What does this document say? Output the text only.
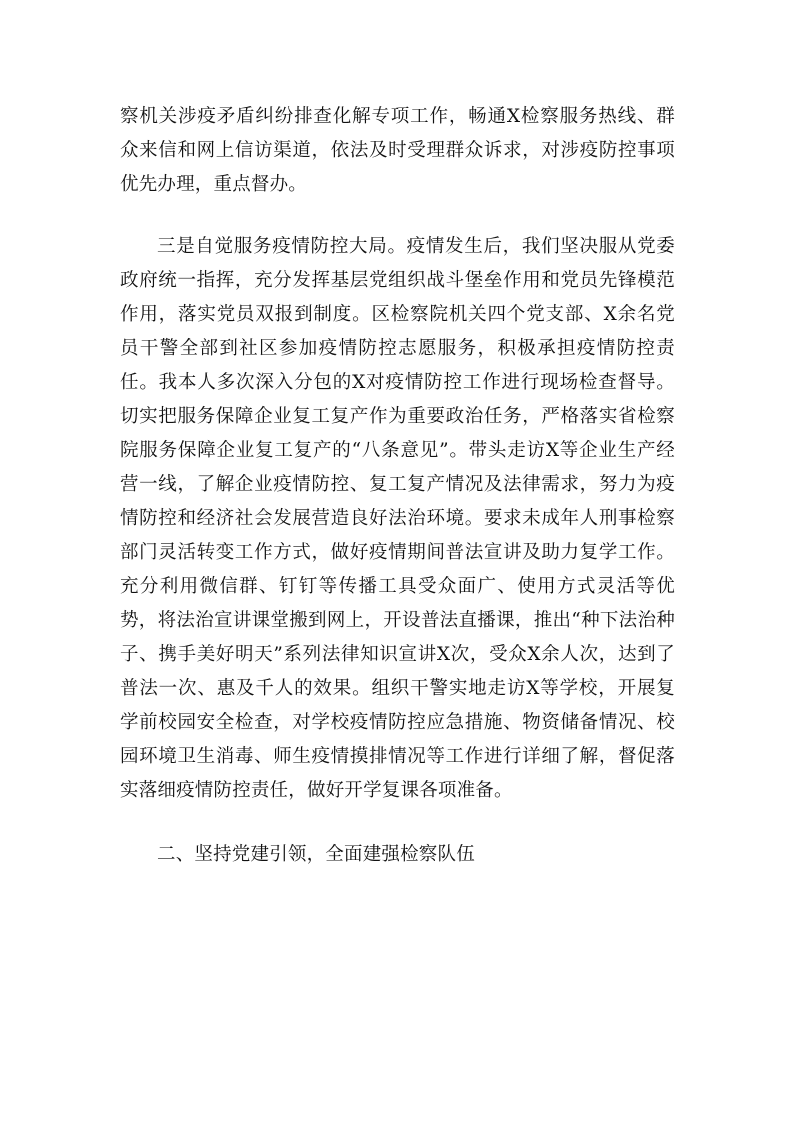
察机关涉疫矛盾纠纷排查化解专项工作，畅通X检察服务热线、群众来信和网上信访渠道，依法及时受理群众诉求，对涉疫防控事项优先办理，重点督办。

三是自觉服务疫情防控大局。疫情发生后，我们坚决服从党委政府统一指挥，充分发挥基层党组织战斗堡垒作用和党员先锋模范作用，落实党员双报到制度。区检察院机关四个党支部、X余名党员干警全部到社区参加疫情防控志愿服务，积极承担疫情防控责任。我本人多次深入分包的X对疫情防控工作进行现场检查督导。切实把服务保障企业复工复产作为重要政治任务，严格落实省检察院服务保障企业复工复产的“八条意见”。带头走访X等企业生产经营一线，了解企业疫情防控、复工复产情况及法律需求，努力为疫情防控和经济社会发展营造良好法治环境。要求未成年人刑事检察部门灵活转变工作方式，做好疫情期间普法宣讲及助力复学工作。充分利用微信群、钉钉等传播工具受众面广、使用方式灵活等优势，将法治宣讲课堂搬到网上，开设普法直播课，推出“种下法治种子、携手美好明天”系列法律知识宣讲X次，受众X余人次，达到了普法一次、惠及千人的效果。组织干警实地走访X等学校，开展复学前校园安全检查，对学校疫情防控应急措施、物资储备情况、校园环境卫生消毒、师生疫情摸排情况等工作进行详细了解，督促落实落细疫情防控责任，做好开学复课各项准备。

二、坚持党建引领，全面建强检察队伍
